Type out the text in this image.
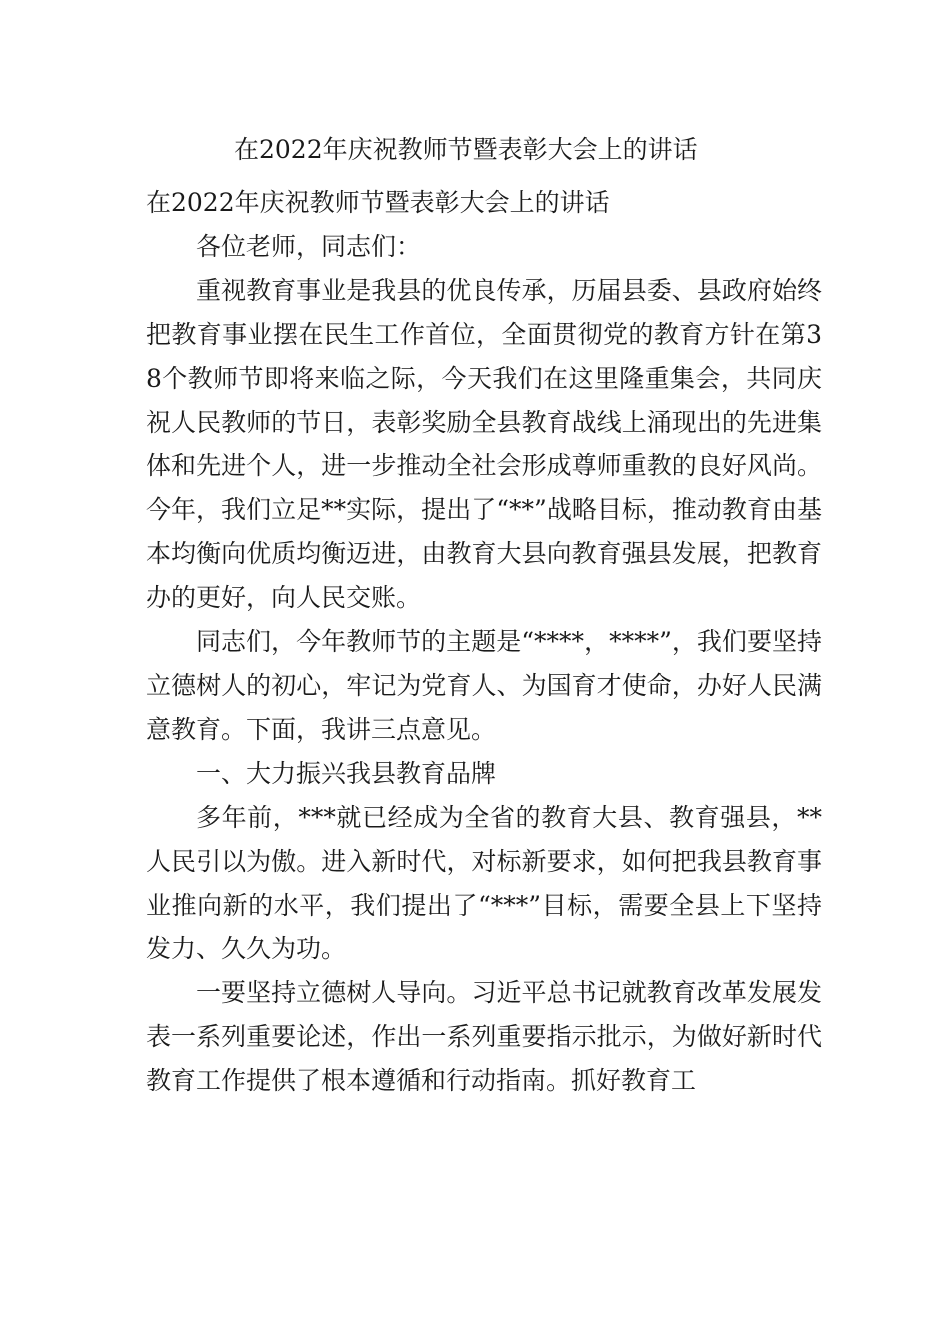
在2022年庆祝教师节暨表彰大会上的讲话

在2022年庆祝教师节暨表彰大会上的讲话

各位老师，同志们：

重视教育事业是我县的优良传承，历届县委、县政府始终把教育事业摆在民生工作首位，全面贯彻党的教育方针在第38个教师节即将来临之际，今天我们在这里隆重集会，共同庆祝人民教师的节日，表彰奖励全县教育战线上涌现出的先进集体和先进个人，进一步推动全社会形成尊师重教的良好风尚。今年，我们立足**实际，提出了“**”战略目标，推动教育由基本均衡向优质均衡迈进，由教育大县向教育强县发展，把教育办的更好，向人民交账。

同志们，今年教师节的主题是“****，****”，我们要坚持立德树人的初心，牢记为党育人、为国育才使命，办好人民满意教育。下面，我讲三点意见。

一、大力振兴我县教育品牌

多年前，***就已经成为全省的教育大县、教育强县，**人民引以为傲。进入新时代，对标新要求，如何把我县教育事业推向新的水平，我们提出了“***”目标，需要全县上下坚持发力、久久为功。

一要坚持立德树人导向。习近平总书记就教育改革发展发表一系列重要论述，作出一系列重要指示批示，为做好新时代教育工作提供了根本遵循和行动指南。抓好教育工
